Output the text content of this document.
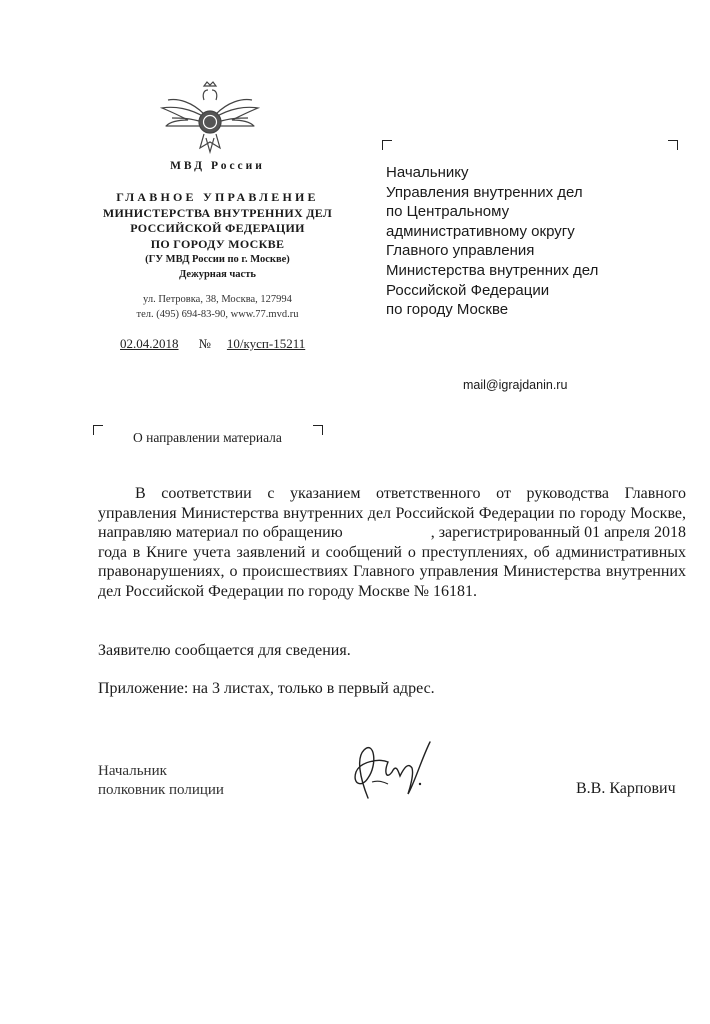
МВД России
ГЛАВНОЕ УПРАВЛЕНИЕ
МИНИСТЕРСТВА ВНУТРЕННИХ ДЕЛ
РОССИЙСКОЙ ФЕДЕРАЦИИ
ПО ГОРОДУ МОСКВЕ
(ГУ МВД России по г. Москве)
Дежурная часть
ул. Петровка, 38, Москва, 127994
тел. (495) 694-83-90, www.77.mvd.ru
02.04.2018 № 10/кусп-15211
Начальнику
Управления внутренних дел
по Центральному
административному округу
Главного управления
Министерства внутренних дел
Российской Федерации
по городу Москве
mail@igrajdanin.ru
О направлении материала
В соответствии с указанием ответственного от руководства Главного управления Министерства внутренних дел Российской Федерации по городу Москве, направляю материал по обращению                      , зарегистрированный 01 апреля 2018 года в Книге учета заявлений и сообщений о преступлениях, об административных правонарушениях, о происшествиях Главного управления Министерства внутренних дел Российской Федерации по городу Москве № 16181.
Заявителю сообщается для сведения.
Приложение: на 3 листах, только в первый адрес.
Начальник
полковник полиции	В.В. Карпович
